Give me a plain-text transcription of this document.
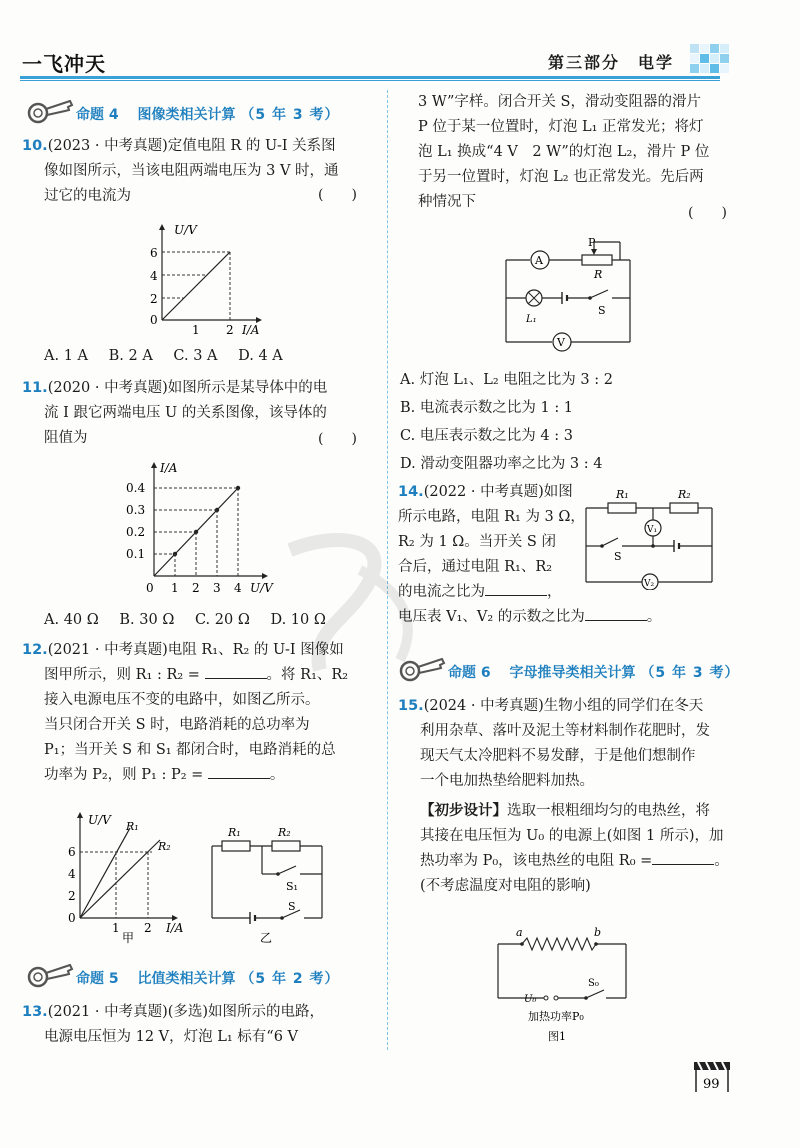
一飞冲天	第三部分　电学
命题 4　 图像类相关计算 （5 年 3 考）
10.(2023 · 中考真题)定值电阻 R 的 U-I 关系图
像如图所示，当该电阻两端电压为 3 V 时，通
过它的电流为	(　　)
U/V
6
4
2
0
1 2 I/A
A. 1 A B. 2 A C. 3 A D. 4 A
11.(2020 · 中考真题)如图所示是某导体中的电
流 I 跟它两端电压 U 的关系图像，该导体的
阻值为	(　　)
I/A
0.4
0.3
0.2
0.1
0 1 2 3 4 U/V
A. 40 Ω B. 30 Ω C. 20 Ω D. 10 Ω
12.(2021 · 中考真题)电阻 R₁、R₂ 的 U-I 图像如
图甲所示，则 R₁ : R₂ =	。将 R₁、R₂
接入电源电压不变的电路中，如图乙所示。
当只闭合开关 S 时，电路消耗的总功率为
P₁；当开关 S 和 S₁ 都闭合时，电路消耗的总
功率为 P₂，则 P₁ : P₂ =	。
U/V R₁
R₂
6
4
2
0
1 2 I/A
甲
R₁	R₂
S₁
S
乙
命题 5　 比值类相关计算 （5 年 2 考）
13.(2021 · 中考真题)(多选)如图所示的电路，
电源电压恒为 12 V，灯泡 L₁ 标有“6 V
3 W”字样。闭合开关 S，滑动变阻器的滑片
P 位于某一位置时，灯泡 L₁ 正常发光；将灯
泡 L₁ 换成“4 V　2 W”的灯泡 L₂，滑片 P 位
于另一位置时，灯泡 L₂ 也正常发光。先后两
种情况下
(　　)
A
P
R
L₁
S
V
A. 灯泡 L₁、L₂ 电阻之比为 3 : 2
B. 电流表示数之比为 1 : 1
C. 电压表示数之比为 4 : 3
D. 滑动变阻器功率之比为 3 : 4
14.(2022 · 中考真题)如图
所示电路，电阻 R₁ 为 3 Ω，
R₂ 为 1 Ω。当开关 S 闭
合后，通过电阻 R₁、R₂
的电流之比为	，
电压表 V₁、V₂ 的示数之比为	。
R₁	R₂
V₁
S
V₂
命题 6　 字母推导类相关计算 （5 年 3 考）
15.(2024 · 中考真题)生物小组的同学们在冬天
利用杂草、落叶及泥土等材料制作花肥时，发
现天气太冷肥料不易发酵，于是他们想制作
一个电加热垫给肥料加热。
【初步设计】选取一根粗细均匀的电热丝，将
其接在电压恒为 U₀ 的电源上(如图 1 所示)，加
热功率为 P₀，该电热丝的电阻 R₀ =	。
(不考虑温度对电阻的影响)
a	b
U₀
S₀
加热功率P₀
图1
99
